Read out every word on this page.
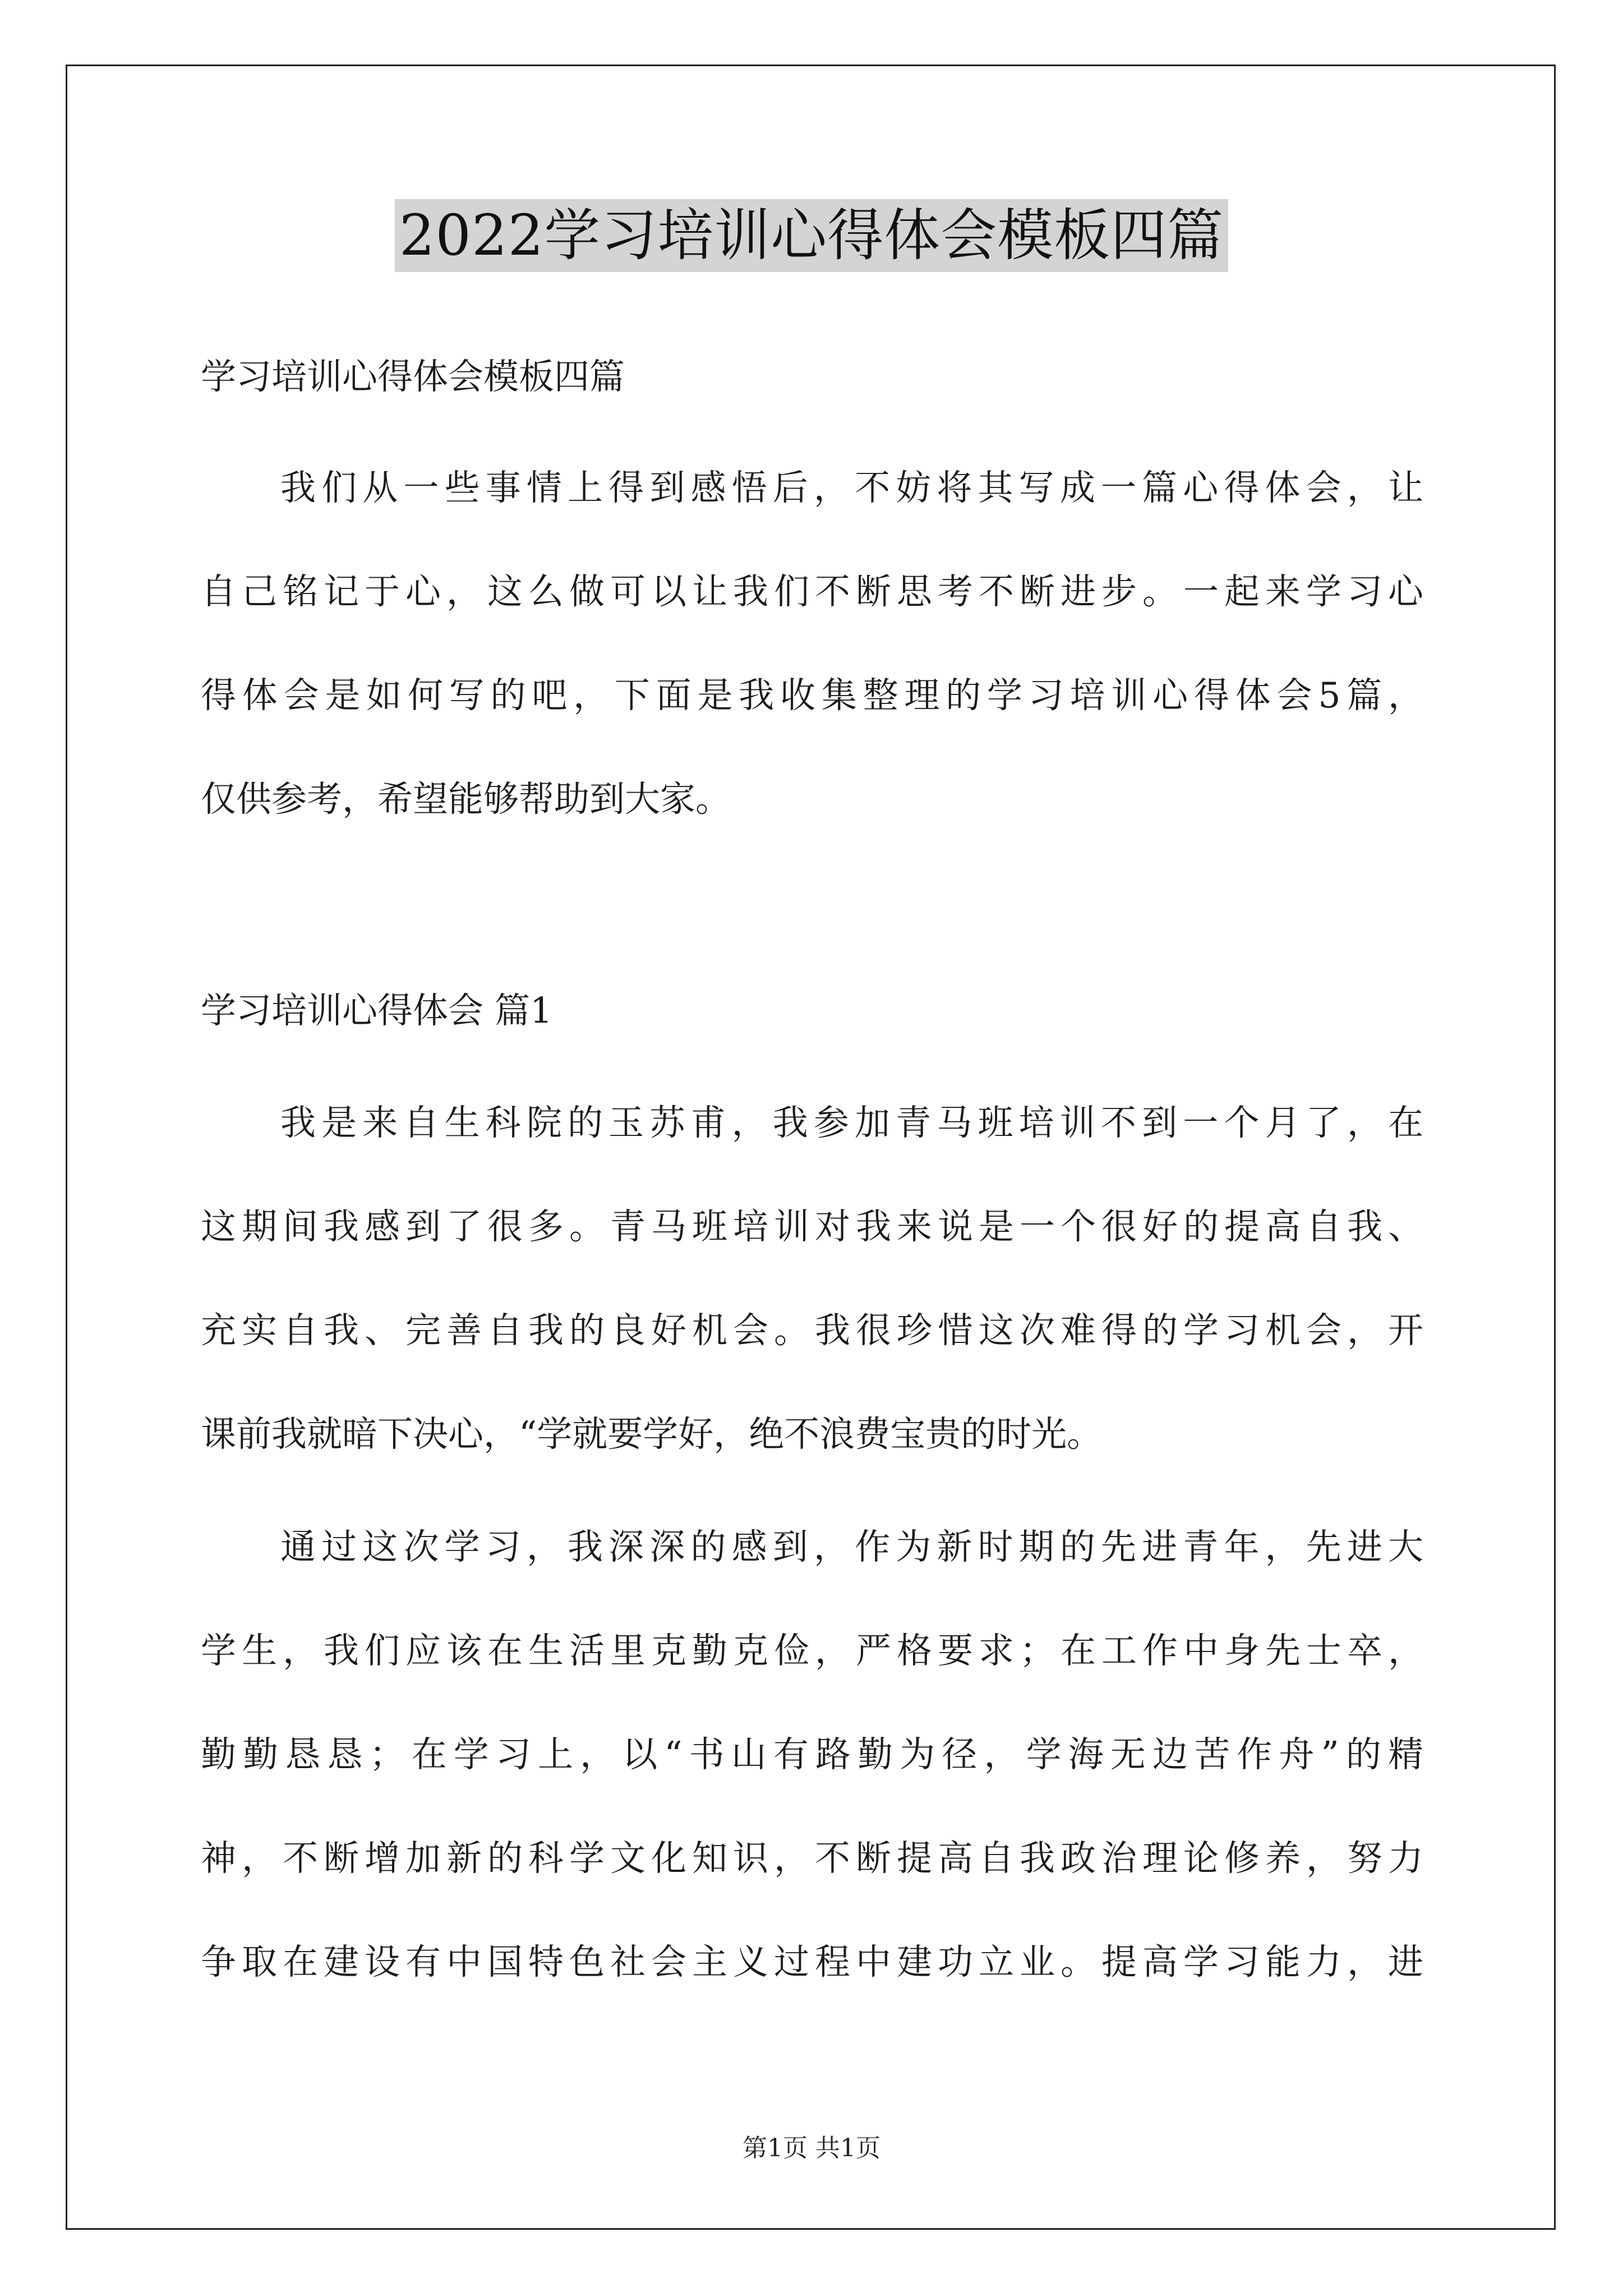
2022学习培训心得体会模板四篇
学习培训心得体会模板四篇
我们从一些事情上得到感悟后，不妨将其写成一篇心得体会，让
自己铭记于心，这么做可以让我们不断思考不断进步。一起来学习心
得体会是如何写的吧，下面是我收集整理的学习培训心得体会5篇，
仅供参考，希望能够帮助到大家。
学习培训心得体会 篇1
我是来自生科院的玉苏甫，我参加青马班培训不到一个月了，在
这期间我感到了很多。青马班培训对我来说是一个很好的提高自我、
充实自我、完善自我的良好机会。我很珍惜这次难得的学习机会，开
课前我就暗下决心，“学就要学好，绝不浪费宝贵的时光。
通过这次学习，我深深的感到，作为新时期的先进青年，先进大
学生，我们应该在生活里克勤克俭，严格要求；在工作中身先士卒，
勤勤恳恳；在学习上，以“书山有路勤为径，学海无边苦作舟”的精
神，不断增加新的科学文化知识，不断提高自我政治理论修养，努力
争取在建设有中国特色社会主义过程中建功立业。提高学习能力，进
第1页 共1页
